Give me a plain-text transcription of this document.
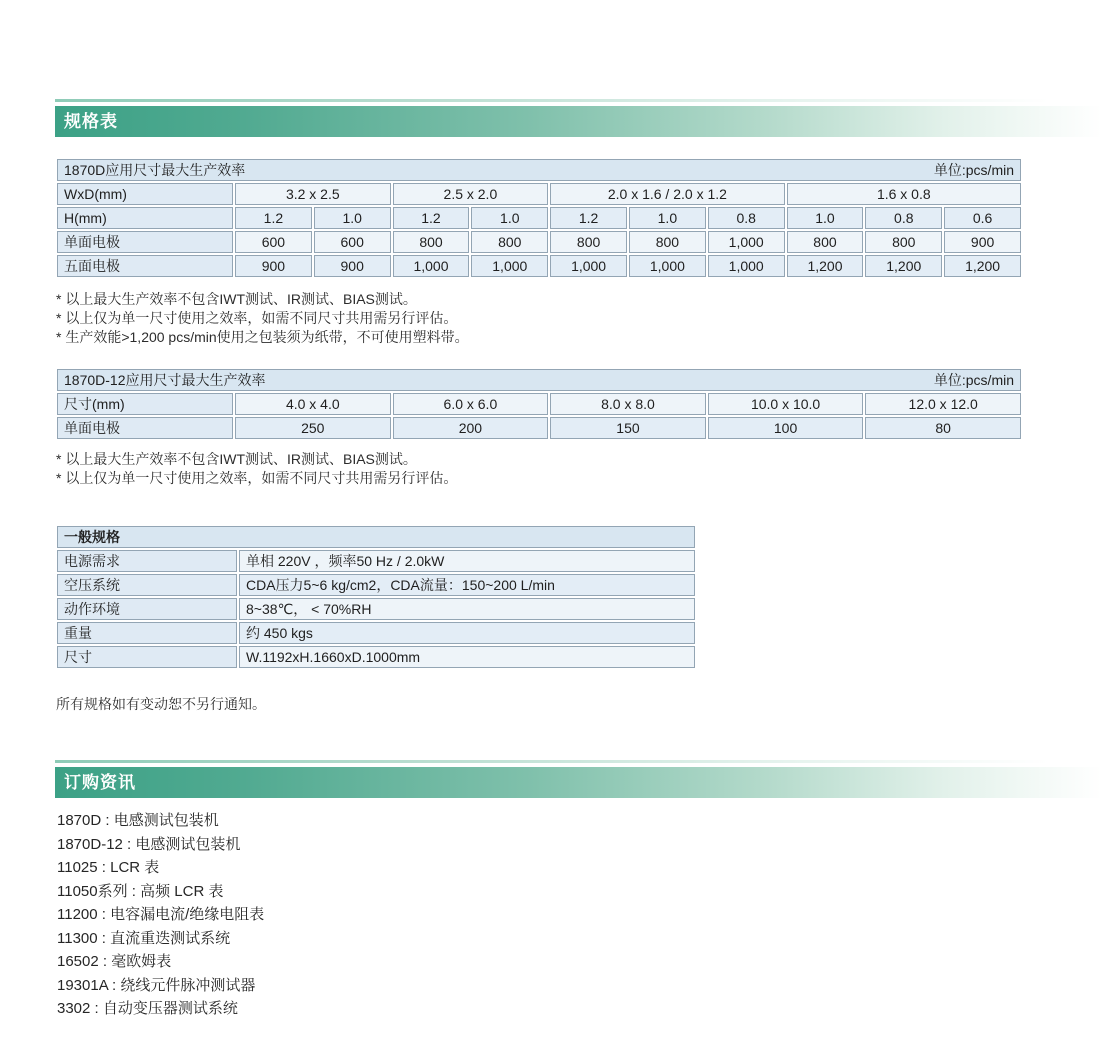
规格表
1870D应用尺寸最大生产效率 单位:pcs/min										

WxD(mm)	3.2 x 2.5		2.5 x 2.0		2.0 x 1.6 / 2.0 x 1.2			1.6 x 0.8		
H(mm)	1.2	1.0	1.2	1.0	1.2	1.0	0.8	1.0	0.8	0.6
单面电极	600	600	800	800	800	800	1,000	800	800	900
五面电极	900	900	1,000	1,000	1,000	1,000	1,000	1,200	1,200	1,200
* 以上最大生产效率不包含IWT测试、IR测试、BIAS测试。
* 以上仅为单一尺寸使用之效率，如需不同尺寸共用需另行评估。
* 生产效能>1,200 pcs/min使用之包装须为纸带，不可使用塑料带。
1870D-12应用尺寸最大生产效率 单位:pcs/min					

尺寸(mm)	4.0 x 4.0	6.0 x 6.0	8.0 x 8.0	10.0 x 10.0	12.0 x 12.0
单面电极	250	200	150	100	80
* 以上最大生产效率不包含IWT测试、IR测试、BIAS测试。
* 以上仅为单一尺寸使用之效率，如需不同尺寸共用需另行评估。
一般规格	
电源需求	单相 220V ，频率50 Hz / 2.0kW
空压系统	CDA压力5~6 kg/cm2，CDA流量：150~200 L/min
动作环境	8~38℃， < 70%RH
重量	约 450 kgs
尺寸	W.1192xH.1660xD.1000mm
所有规格如有变动恕不另行通知。
订购资讯
1870D : 电感测试包装机
1870D-12 : 电感测试包装机
11025 : LCR 表
11050系列 : 高频 LCR 表
11200 : 电容漏电流/绝缘电阻表
11300 : 直流重迭测试系统
16502 : 毫欧姆表
19301A : 绕线元件脉冲测试器
3302 : 自动变压器测试系统
